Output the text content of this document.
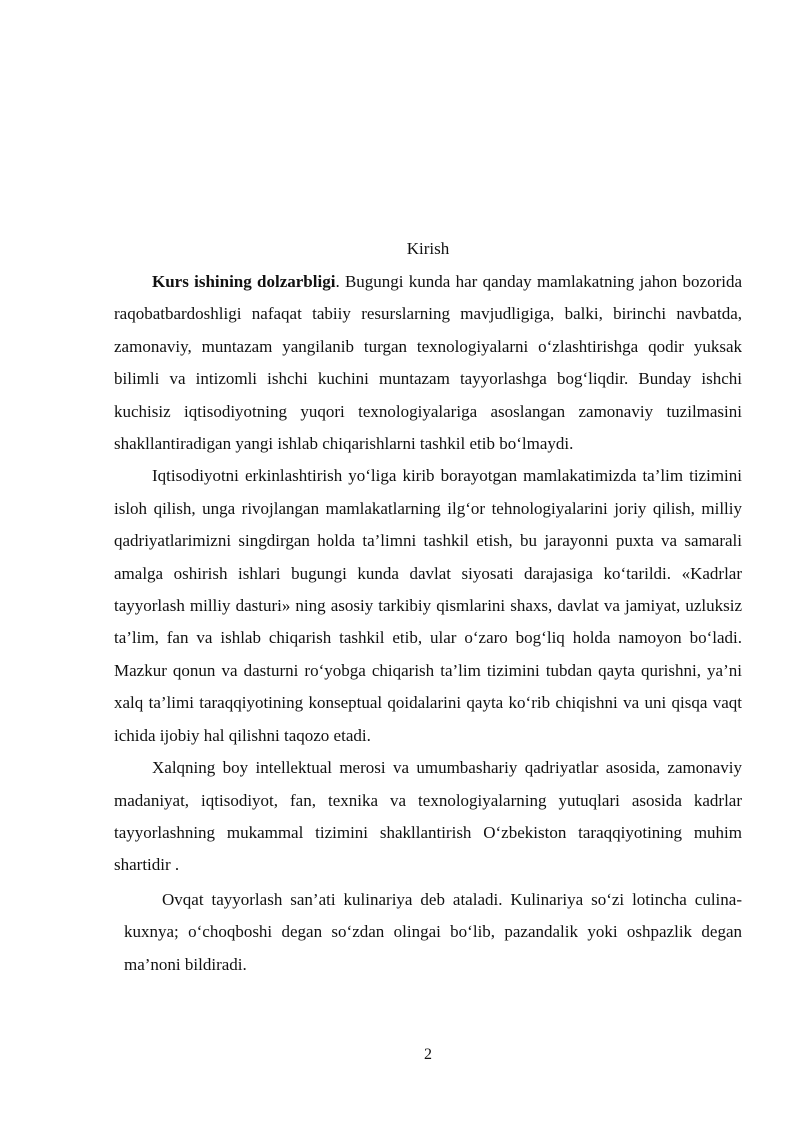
Kirish

Kurs ishining dolzarbligi. Bugungi kunda har qanday mamlakatning jahon bozorida raqobatbardoshligi nafaqat tabiiy resurslarning mavjudligiga, balki, birinchi navbatda, zamonaviy, muntazam yangilanib turgan texnologiyalarni o‘zlashtirishga qodir yuksak bilimli va intizomli ishchi kuchini muntazam tayyorlashga bog‘liqdir. Bunday ishchi kuchisiz iqtisodiyotning yuqori texnologiyalariga asoslangan zamonaviy tuzilmasini shakllantiradigan yangi ishlab chiqarishlarni tashkil etib bo‘lmaydi.

Iqtisodiyotni erkinlashtirish yo‘liga kirib borayotgan mamlakatimizda ta’lim tizimini isloh qilish, unga rivojlangan mamlakatlarning ilg‘or tehnologiyalarini joriy qilish, milliy qadriyatlarimizni singdirgan holda ta’limni tashkil etish, bu jarayonni puxta va samarali amalga oshirish ishlari bugungi kunda davlat siyosati darajasiga ko‘tarildi. «Kadrlar tayyorlash milliy dasturi» ning asosiy tarkibiy qismlarini shaxs, davlat va jamiyat, uzluksiz ta’lim, fan va ishlab chiqarish tashkil etib, ular o‘zaro bog‘liq holda namoyon bo‘ladi. Mazkur qonun va dasturni ro‘yobga chiqarish ta’lim tizimini tubdan qayta qurishni, ya’ni xalq ta’limi taraqqiyotining konseptual qoidalarini qayta ko‘rib chiqishni va uni qisqa vaqt ichida ijobiy hal qilishni taqozo etadi.

Xalqning boy intellektual merosi va umumbashariy qadriyatlar asosida, zamonaviy madaniyat, iqtisodiyot, fan, texnika va texnologiyalarning yutuqlari asosida kadrlar tayyorlashning mukammal tizimini shakllantirish O‘zbekiston taraqqiyotining muhim shartidir .

Ovqat tayyorlash san’ati kulinariya deb ataladi. Kulinariya so‘zi lotincha culina-kuxnya; o‘choqboshi degan so‘zdan olingai bo‘lib, pazandalik yoki oshpazlik degan ma’noni bildiradi.

2
